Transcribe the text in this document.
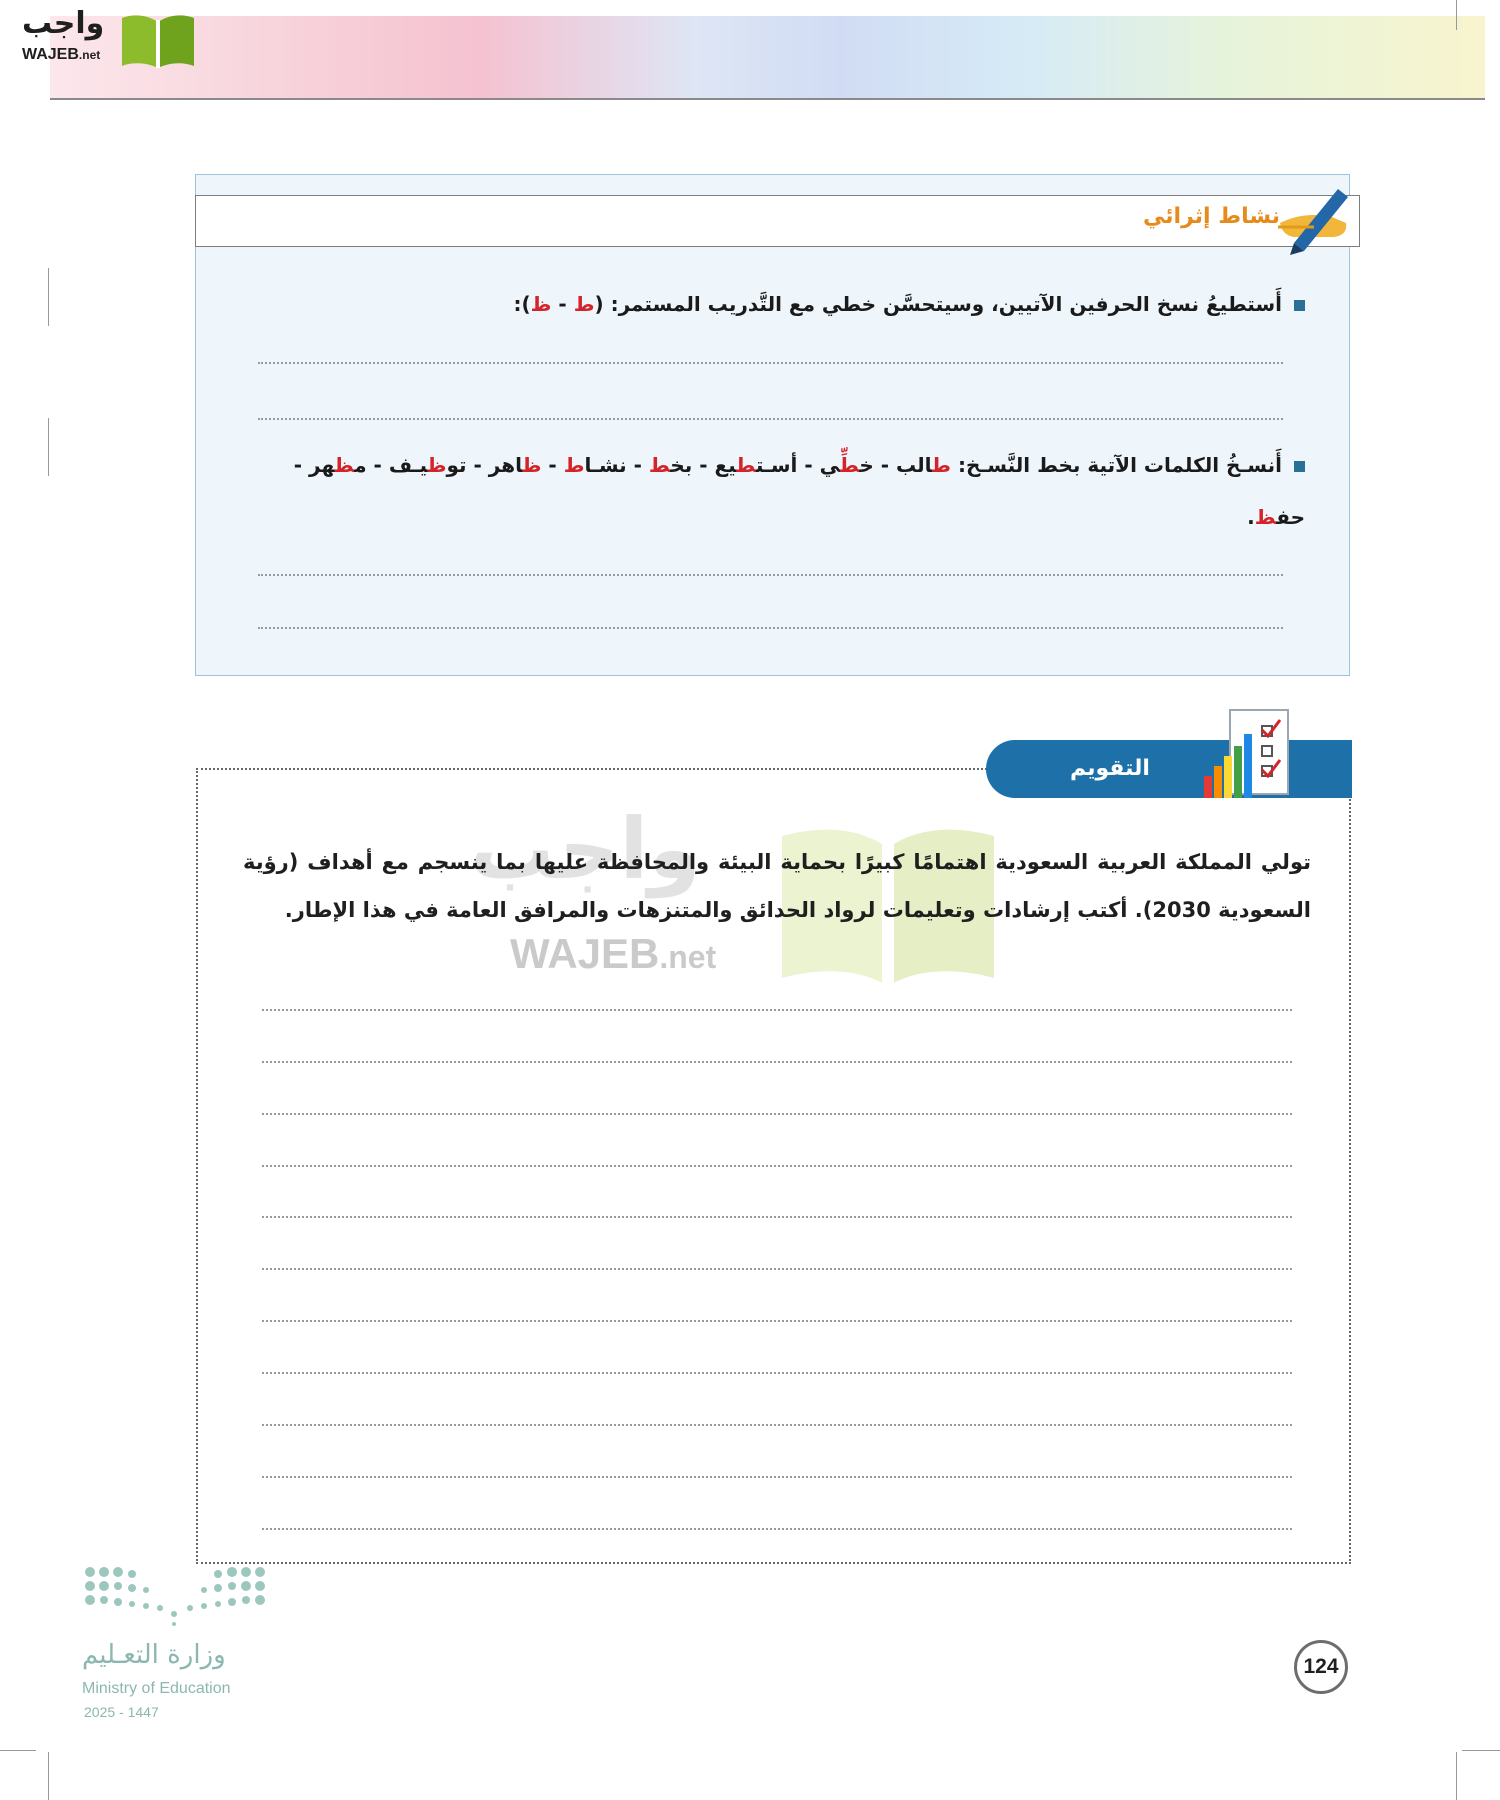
واجب
WAJEB.net
نشاط إثرائي
أَستطيعُ نسخ الحرفين الآتيين، وسيتحسَّن خطي مع التَّدريب المستمر: (ط - ظ):
أَنسـخُ الكلمات الآتية بخط النَّسـخ: طالب - خطِّي - أسـتطيع - بخط - نشـاط - ظاهر - توظيـف - مظهر -
حفظ.
التقويم
واجب
WAJEB.net
تولي المملكة العربية السعودية اهتمامًا كبيرًا بحماية البيئة والمحافظة عليها بما ينسجم مع أهداف (رؤية السعودية 2030). أكتب إرشادات وتعليمات لرواد الحدائق والمتنزهات والمرافق العامة في هذا الإطار.
وزارة التعـليم
Ministry of Education
2025 - 1447
124
